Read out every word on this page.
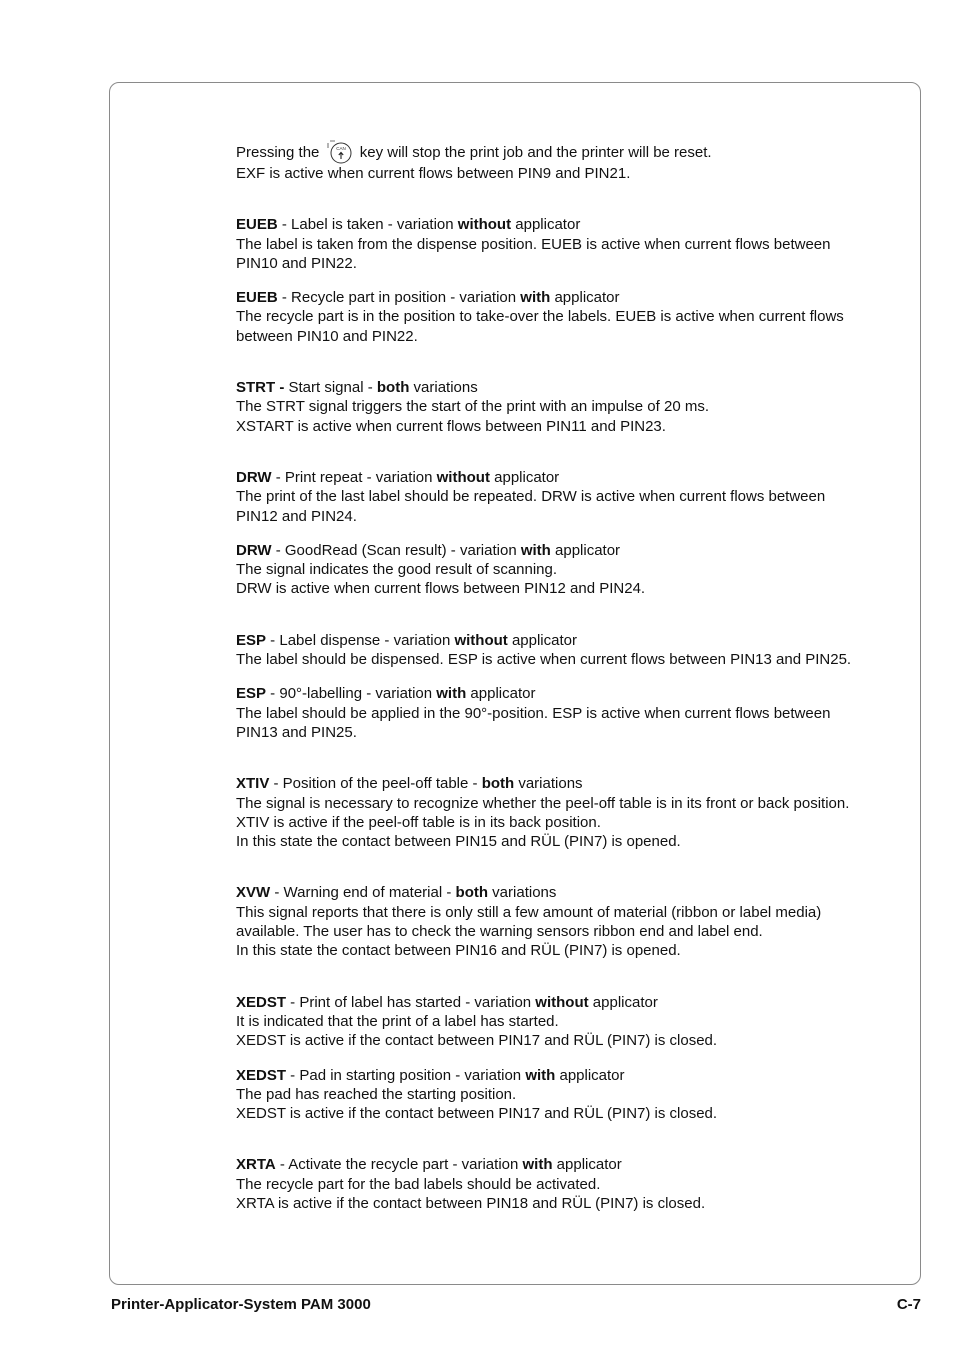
Pressing the	CAN key will stop the print job and the printer will be reset.
EXF is active when current flows between PIN9 and PIN21.
EUEB - Label is taken - variation without applicator
The label is taken from the dispense position. EUEB is active when current flows between
PIN10 and PIN22.
EUEB - Recycle part in position - variation with applicator
The recycle part is in the position to take-over the labels. EUEB is active when current flows
between PIN10 and PIN22.
STRT - Start signal - both variations
The STRT signal triggers the start of the print with an impulse of 20 ms.
XSTART is active when current flows between PIN11 and PIN23.
DRW - Print repeat - variation without applicator
The print of the last label should be repeated. DRW is active when current flows between
PIN12 and PIN24.
DRW - GoodRead (Scan result) - variation with applicator
The signal indicates the good result of scanning.
DRW is active when current flows between PIN12 and PIN24.
ESP - Label dispense - variation without applicator
The label should be dispensed. ESP is active when current flows between PIN13 and PIN25.
ESP - 90°-labelling - variation with applicator
The label should be applied in the 90°-position. ESP is active when current flows between
PIN13 and PIN25.
XTIV - Position of the peel-off table - both variations
The signal is necessary to recognize whether the peel-off table is in its front or back position.
XTIV is active if the peel-off table is in its back position.
In this state the contact between PIN15 and RÜL (PIN7) is opened.
XVW - Warning end of material - both variations
This signal reports that there is only still a few amount of material (ribbon or label media)
available. The user has to check the warning sensors ribbon end and label end.
In this state the contact between PIN16 and RÜL (PIN7) is opened.
XEDST - Print of label has started - variation without applicator
It is indicated that the print of a label has started.
XEDST is active if the contact between PIN17 and RÜL (PIN7) is closed.
XEDST - Pad in starting position - variation with applicator
The pad has reached the starting position.
XEDST is active if the contact between PIN17 and RÜL (PIN7) is closed.
XRTA - Activate the recycle part - variation with applicator
The recycle part for the bad labels should be activated.
XRTA is active if the contact between PIN18 and RÜL (PIN7) is closed.
Printer-Applicator-System PAM 3000	C-7
